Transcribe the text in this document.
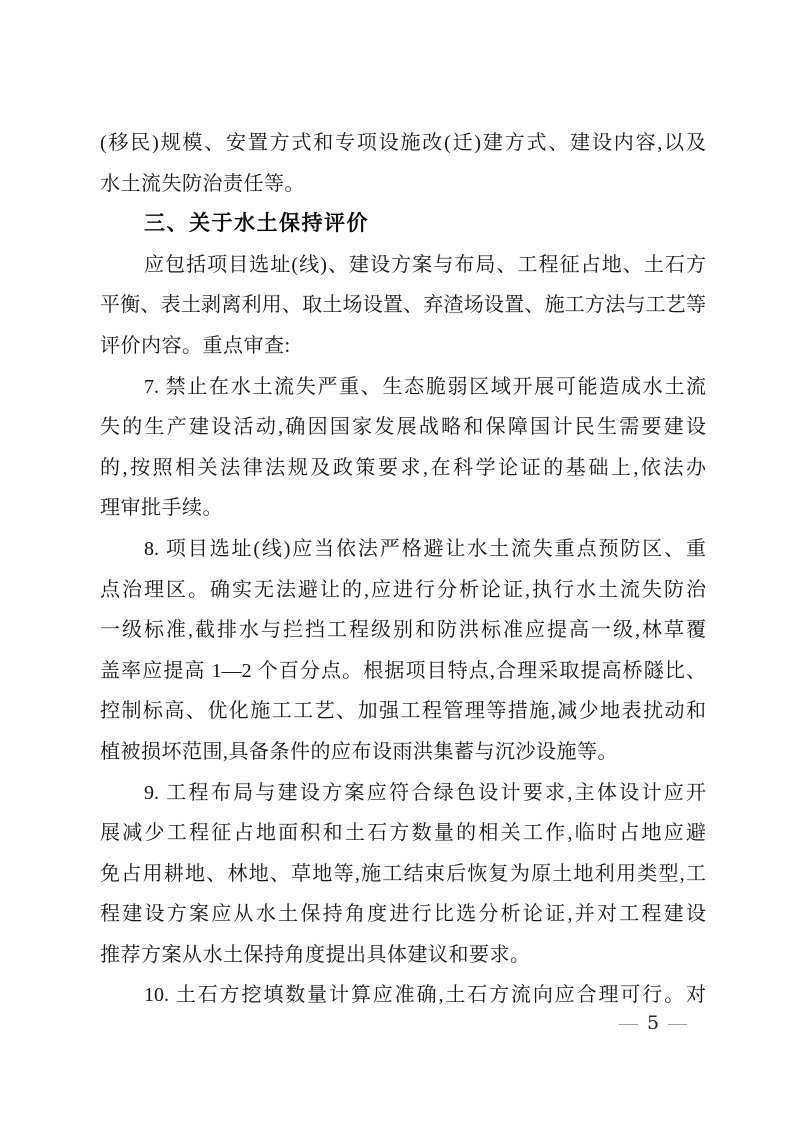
(移民)规模、安置方式和专项设施改(迁)建方式、建设内容,以及
水土流失防治责任等。
三、关于水土保持评价
应包括项目选址(线)、建设方案与布局、工程征占地、土石方
平衡、表土剥离利用、取土场设置、弃渣场设置、施工方法与工艺等
评价内容。重点审查:
7. 禁止在水土流失严重、生态脆弱区域开展可能造成水土流
失的生产建设活动,确因国家发展战略和保障国计民生需要建设
的,按照相关法律法规及政策要求,在科学论证的基础上,依法办
理审批手续。
8. 项目选址(线)应当依法严格避让水土流失重点预防区、重
点治理区。确实无法避让的,应进行分析论证,执行水土流失防治
一级标准,截排水与拦挡工程级别和防洪标准应提高一级,林草覆
盖率应提高 1—2 个百分点。根据项目特点,合理采取提高桥隧比、
控制标高、优化施工工艺、加强工程管理等措施,减少地表扰动和
植被损坏范围,具备条件的应布设雨洪集蓄与沉沙设施等。
9. 工程布局与建设方案应符合绿色设计要求,主体设计应开
展减少工程征占地面积和土石方数量的相关工作,临时占地应避
免占用耕地、林地、草地等,施工结束后恢复为原土地利用类型,工
程建设方案应从水土保持角度进行比选分析论证,并对工程建设
推荐方案从水土保持角度提出具体建议和要求。
10. 土石方挖填数量计算应准确,土石方流向应合理可行。对
— 5 —
